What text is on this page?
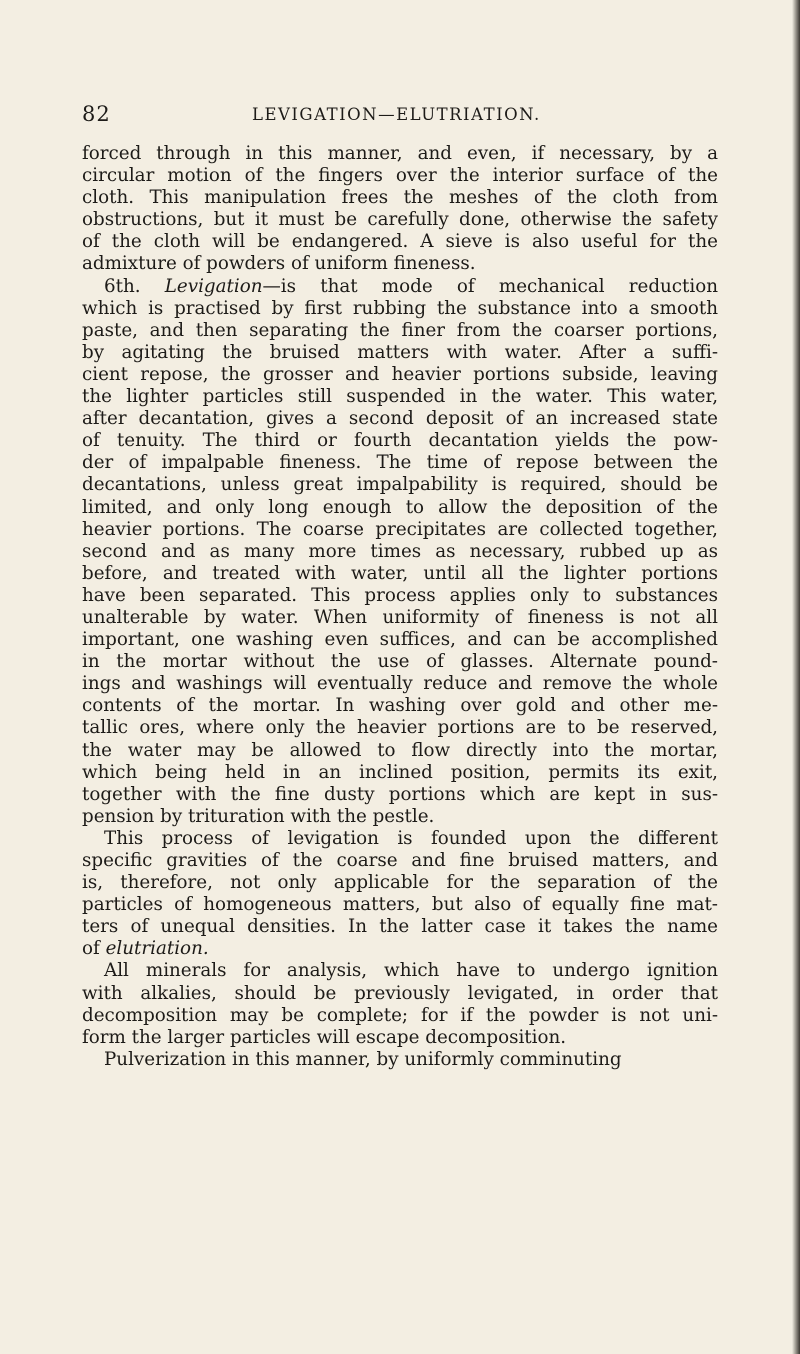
82	LEVIGATION—ELUTRIATION.
forced through in this manner, and even, if necessary, by a
circular motion of the fingers over the interior surface of the
cloth. This manipulation frees the meshes of the cloth from
obstructions, but it must be carefully done, otherwise the safety
of the cloth will be endangered. A sieve is also useful for the
admixture of powders of uniform fineness.
6th. Levigation—is that mode of mechanical reduction
which is practised by first rubbing the substance into a smooth
paste, and then separating the finer from the coarser portions,
by agitating the bruised matters with water. After a suffi-
cient repose, the grosser and heavier portions subside, leaving
the lighter particles still suspended in the water. This water,
after decantation, gives a second deposit of an increased state
of tenuity. The third or fourth decantation yields the pow-
der of impalpable fineness. The time of repose between the
decantations, unless great impalpability is required, should be
limited, and only long enough to allow the deposition of the
heavier portions. The coarse precipitates are collected together,
second and as many more times as necessary, rubbed up as
before, and treated with water, until all the lighter portions
have been separated. This process applies only to substances
unalterable by water. When uniformity of fineness is not all
important, one washing even suffices, and can be accomplished
in the mortar without the use of glasses. Alternate pound-
ings and washings will eventually reduce and remove the whole
contents of the mortar. In washing over gold and other me-
tallic ores, where only the heavier portions are to be reserved,
the water may be allowed to flow directly into the mortar,
which being held in an inclined position, permits its exit,
together with the fine dusty portions which are kept in sus-
pension by trituration with the pestle.
This process of levigation is founded upon the different
specific gravities of the coarse and fine bruised matters, and
is, therefore, not only applicable for the separation of the
particles of homogeneous matters, but also of equally fine mat-
ters of unequal densities. In the latter case it takes the name
of elutriation.
All minerals for analysis, which have to undergo ignition
with alkalies, should be previously levigated, in order that
decomposition may be complete; for if the powder is not uni-
form the larger particles will escape decomposition.
Pulverization in this manner, by uniformly comminuting
